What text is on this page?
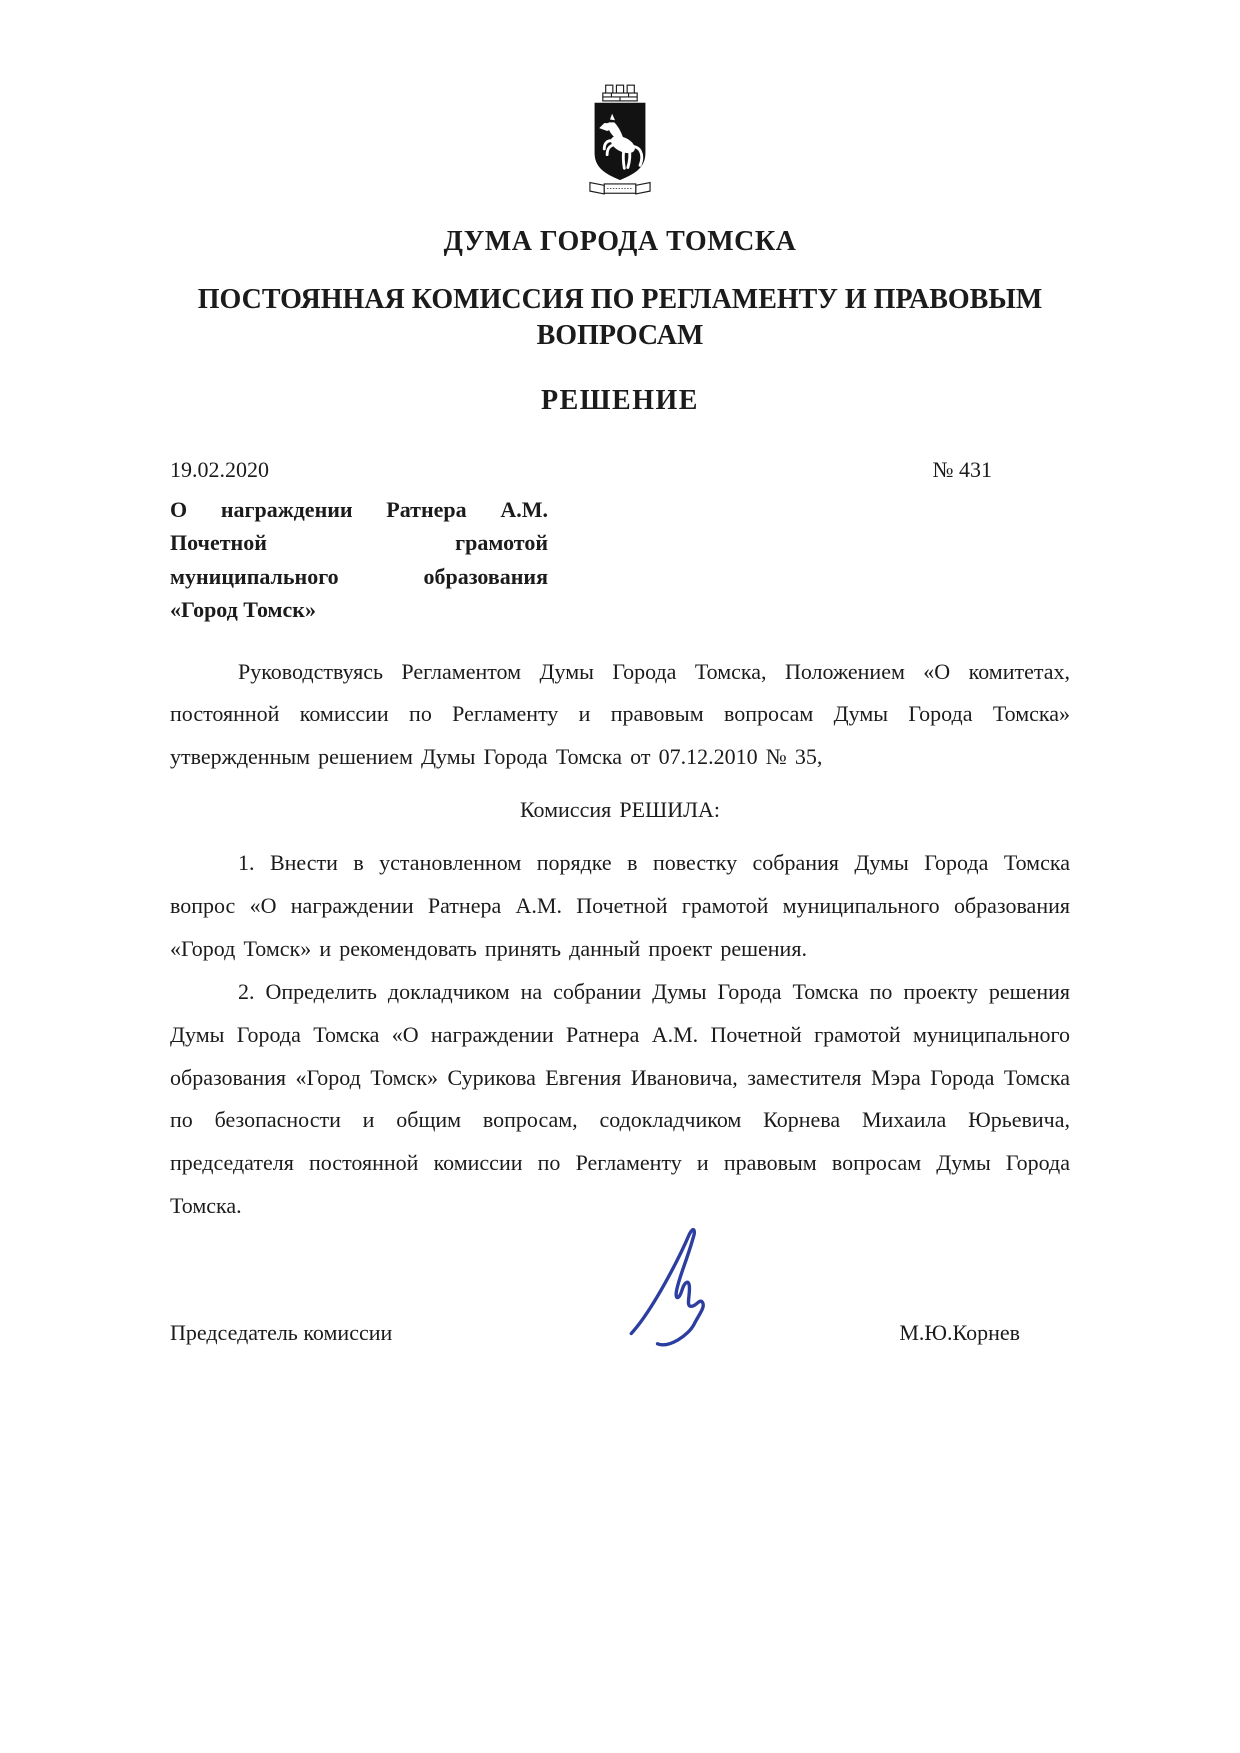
ДУМА ГОРОДА ТОМСКА
ПОСТОЯННАЯ КОМИССИЯ ПО РЕГЛАМЕНТУ И ПРАВОВЫМ ВОПРОСАМ
РЕШЕНИЕ
19.02.2020	№ 431
О награждении Ратнера А.М.
Почетной грамотой
муниципального образования
«Город Томск»

Руководствуясь Регламентом Думы Города Томска, Положением «О комитетах, постоянной комиссии по Регламенту и правовым вопросам Думы Города Томска» утвержденным решением Думы Города Томска от 07.12.2010 № 35,

Комиссия РЕШИЛА:

1. Внести в установленном порядке в повестку собрания Думы Города Томска вопрос «О награждении Ратнера А.М. Почетной грамотой муниципального образования «Город Томск» и рекомендовать принять данный проект решения.

2. Определить докладчиком на собрании Думы Города Томска по проекту решения Думы Города Томска «О награждении Ратнера А.М. Почетной грамотой муниципального образования «Город Томск» Сурикова Евгения Ивановича, заместителя Мэра Города Томска по безопасности и общим вопросам, содокладчиком Корнева Михаила Юрьевича, председателя постоянной комиссии по Регламенту и правовым вопросам Думы Города Томска.

Председатель комиссии	М.Ю.Корнев
